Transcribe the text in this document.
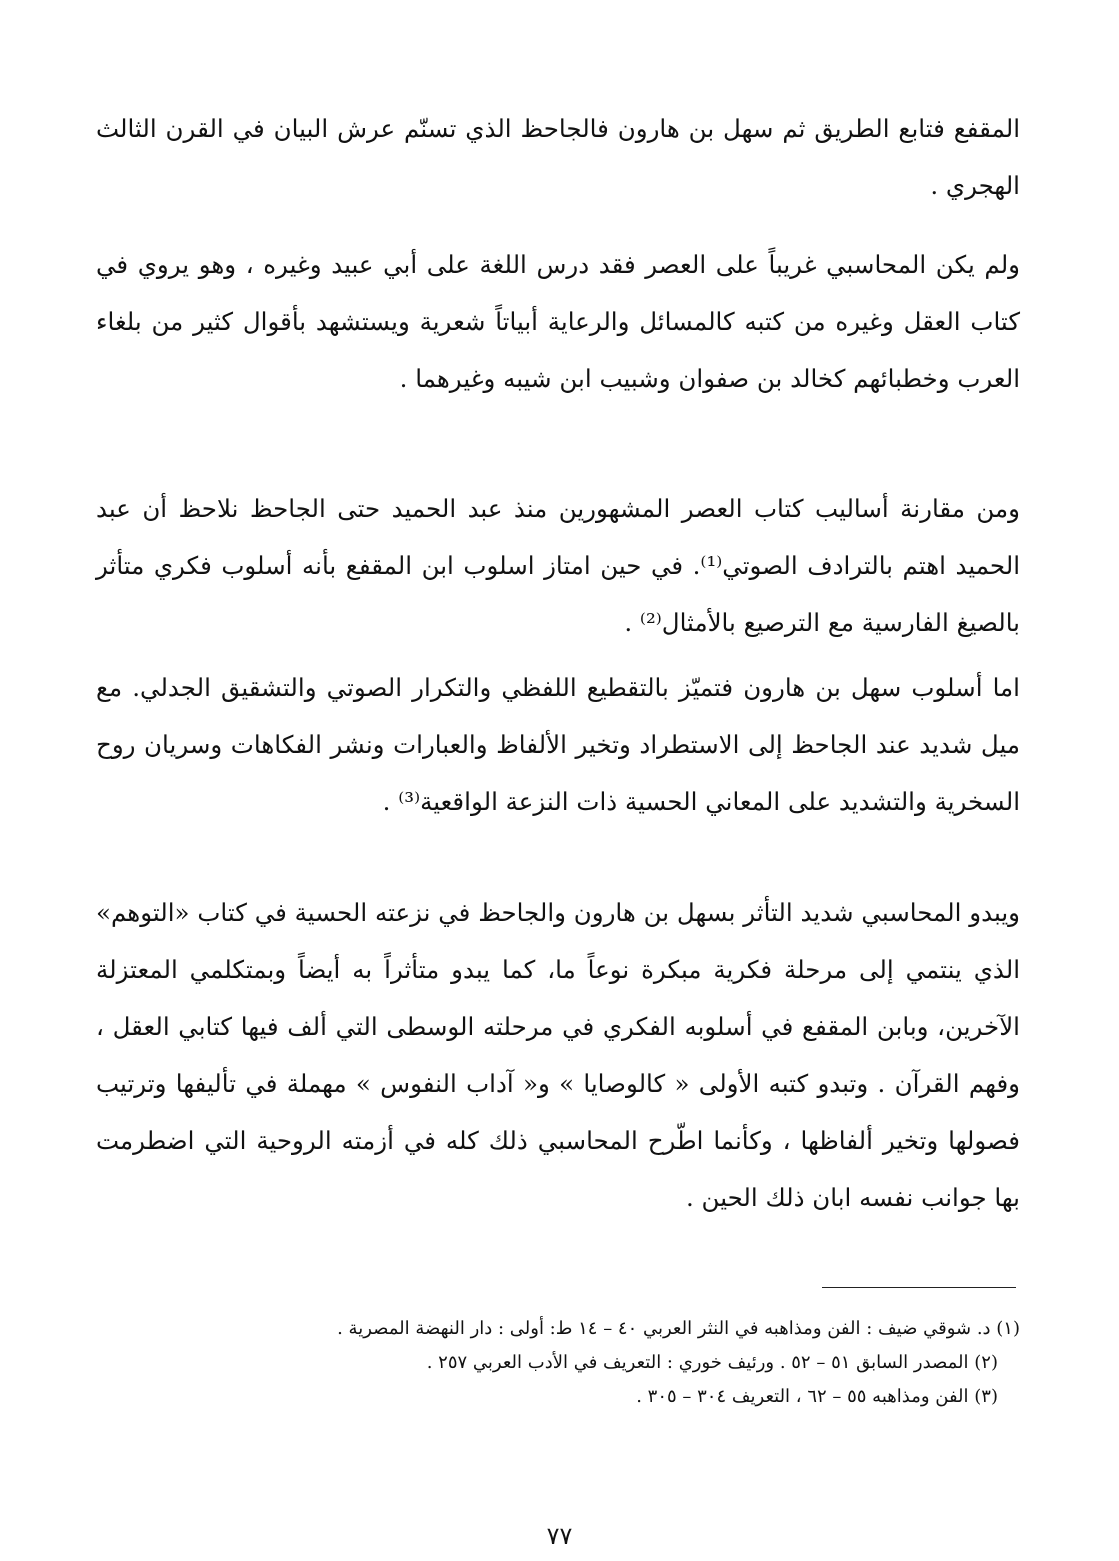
المقفع فتابع الطريق ثم سهل بن هارون فالجاحظ الذي تسنّم عرش البيان في القرن الثالث الهجري .

ولم يكن المحاسبي غريباً على العصر فقد درس اللغة على أبي عبيد وغيره ، وهو يروي في كتاب العقل وغيره من كتبه كالمسائل والرعاية أبياتاً شعرية ويستشهد بأقوال كثير من بلغاء العرب وخطبائهم كخالد بن صفوان وشبيب ابن شيبه وغيرهما .

ومن مقارنة أساليب كتاب العصر المشهورين منذ عبد الحميد حتى الجاحظ نلاحظ أن عبد الحميد اهتم بالترادف الصوتي⁽¹⁾. في حين امتاز اسلوب ابن المقفع بأنه أسلوب فكري متأثر بالصيغ الفارسية مع الترصيع بالأمثال⁽²⁾ .

اما أسلوب سهل بن هارون فتميّز بالتقطيع اللفظي والتكرار الصوتي والتشقيق الجدلي. مع ميل شديد عند الجاحظ إلى الاستطراد وتخير الألفاظ والعبارات ونشر الفكاهات وسريان روح السخرية والتشديد على المعاني الحسية ذات النزعة الواقعية⁽³⁾ .

ويبدو المحاسبي شديد التأثر بسهل بن هارون والجاحظ في نزعته الحسية في كتاب «التوهم» الذي ينتمي إلى مرحلة فكرية مبكرة نوعاً ما، كما يبدو متأثراً به أيضاً وبمتكلمي المعتزلة الآخرين، وبابن المقفع في أسلوبه الفكري في مرحلته الوسطى التي ألف فيها كتابي العقل ، وفهم القرآن . وتبدو كتبه الأولى « كالوصايا » و« آداب النفوس » مهملة في تأليفها وترتيب فصولها وتخير ألفاظها ، وكأنما اطّرح المحاسبي ذلك كله في أزمته الروحية التي اضطرمت بها جوانب نفسه ابان ذلك الحين .

(١) د. شوقي ضيف : الفن ومذاهبه في النثر العربي ٤٠ – ١٤ ط: أولى : دار النهضة المصرية .

(٢) المصدر السابق ٥١ – ٥٢ . ورئيف خوري : التعريف في الأدب العربي ٢٥٧ .

(٣) الفن ومذاهبه ٥٥ – ٦٢ ، التعريف ٣٠٤ – ٣٠٥ .

٧٧
